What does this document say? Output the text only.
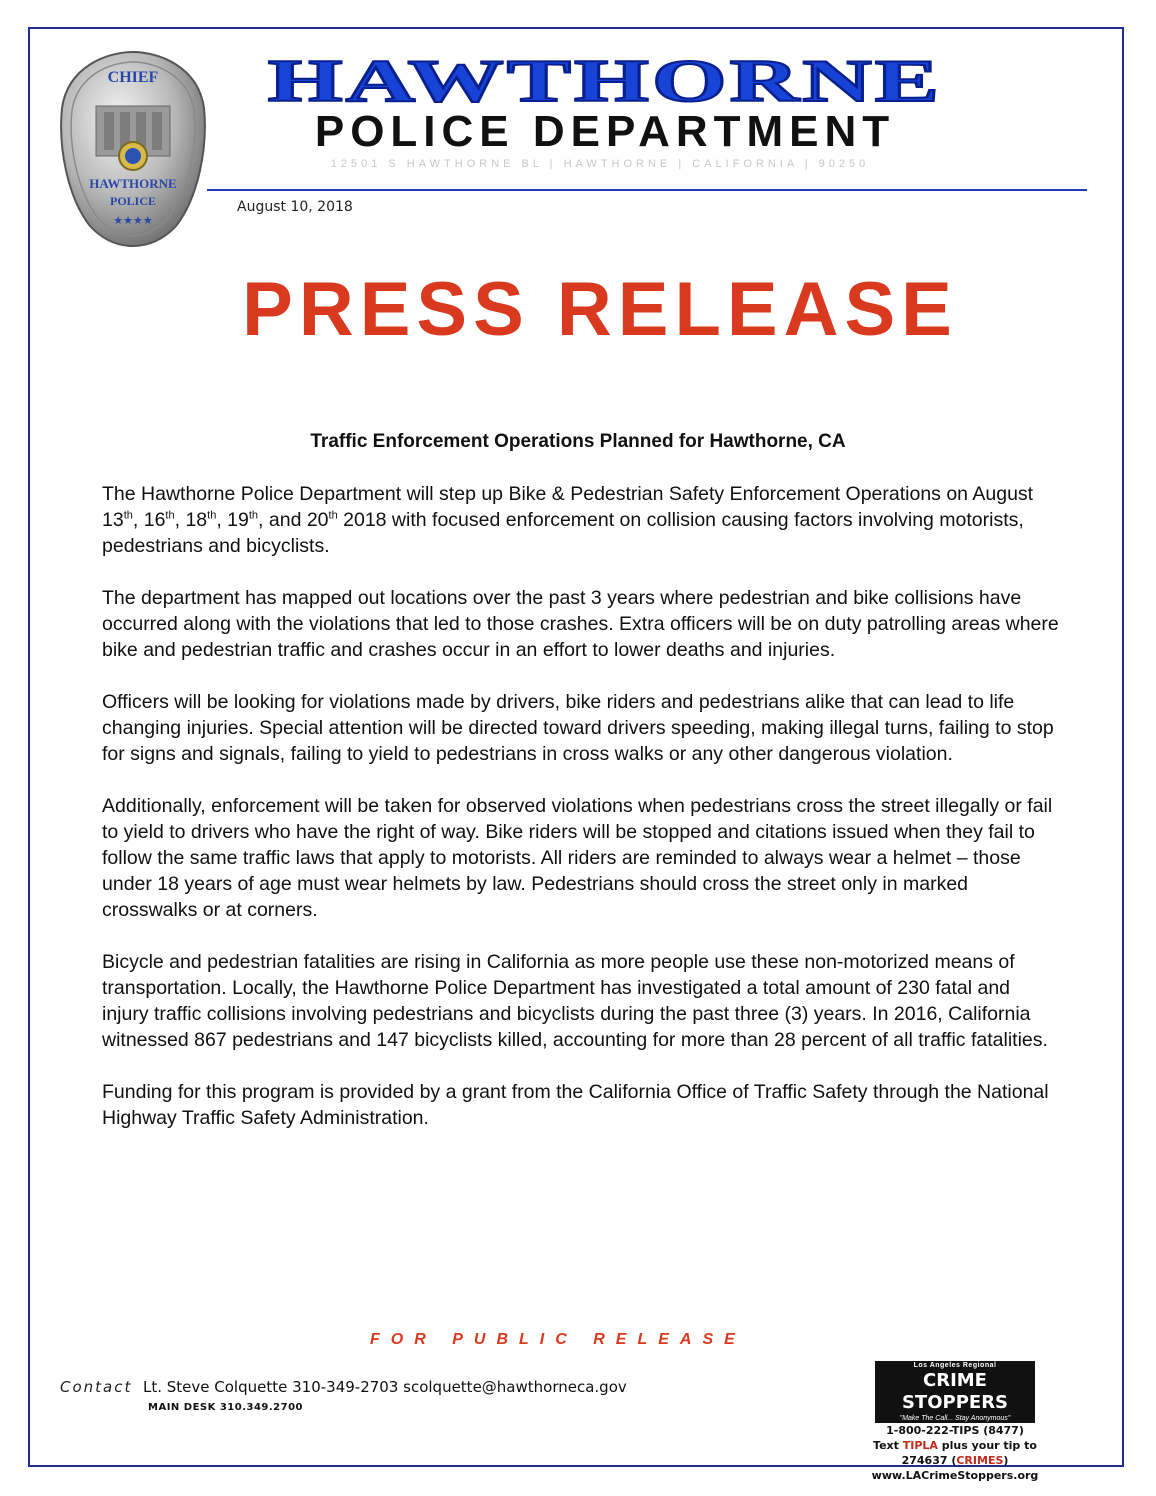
CHIEF
HAWTHORNE
POLICE
★★★★
HAWTHORNE
POLICE DEPARTMENT
12501 S HAWTHORNE BL | HAWTHORNE | CALIFORNIA | 90250
August 10, 2018
PRESS RELEASE
Traffic Enforcement Operations Planned for Hawthorne, CA

The Hawthorne Police Department will step up Bike & Pedestrian Safety Enforcement Operations on August 13th, 16th, 18th, 19th, and 20th 2018 with focused enforcement on collision causing factors involving motorists, pedestrians and bicyclists.

The department has mapped out locations over the past 3 years where pedestrian and bike collisions have occurred along with the violations that led to those crashes. Extra officers will be on duty patrolling areas where bike and pedestrian traffic and crashes occur in an effort to lower deaths and injuries.

Officers will be looking for violations made by drivers, bike riders and pedestrians alike that can lead to life changing injuries. Special attention will be directed toward drivers speeding, making illegal turns, failing to stop for signs and signals, failing to yield to pedestrians in cross walks or any other dangerous violation.

Additionally, enforcement will be taken for observed violations when pedestrians cross the street illegally or fail to yield to drivers who have the right of way. Bike riders will be stopped and citations issued when they fail to follow the same traffic laws that apply to motorists. All riders are reminded to always wear a helmet – those under 18 years of age must wear helmets by law. Pedestrians should cross the street only in marked crosswalks or at corners.

Bicycle and pedestrian fatalities are rising in California as more people use these non-motorized means of transportation. Locally, the Hawthorne Police Department has investigated a total amount of 230 fatal and injury traffic collisions involving pedestrians and bicyclists during the past three (3) years. In 2016, California witnessed 867 pedestrians and 147 bicyclists killed, accounting for more than 28 percent of all traffic fatalities.

Funding for this program is provided by a grant from the California Office of Traffic Safety through the National Highway Traffic Safety Administration.

FOR PUBLIC RELEASE
Contact Lt. Steve Colquette 310-349-2703 scolquette@hawthorneca.gov
MAIN DESK 310.349.2700
Los Angeles Regional
CRIME STOPPERS
"Make The Call... Stay Anonymous"
1-800-222-TIPS (8477)
Text TIPLA plus your tip to 274637 (CRIMES)
www.LACrimeStoppers.org
